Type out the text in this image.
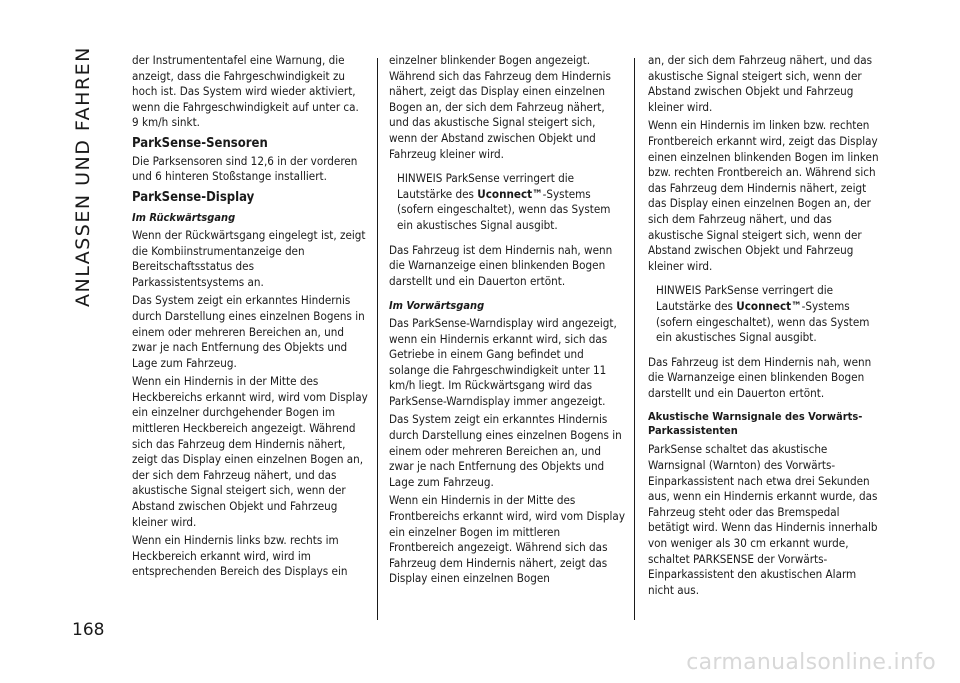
ANLASSEN UND FAHREN
168

der Instrumententafel eine Warnung, die anzeigt, dass die Fahrgeschwindigkeit zu hoch ist. Das System wird wieder aktiviert, wenn die Fahrgeschwindigkeit auf unter ca. 9 km/h sinkt.

ParkSense-Sensoren

Die Parksensoren sind 12,6 in der vorderen und 6 hinteren Stoßstange installiert.

ParkSense-Display
Im Rückwärtsgang

Wenn der Rückwärtsgang eingelegt ist, zeigt die Kombiinstrumentanzeige den Bereitschaftsstatus des Parkassistentsystems an.

Das System zeigt ein erkanntes Hindernis durch Darstellung eines einzelnen Bogens in einem oder mehreren Bereichen an, und zwar je nach Entfernung des Objekts und Lage zum Fahrzeug.

Wenn ein Hindernis in der Mitte des Heckbereichs erkannt wird, wird vom Display ein einzelner durchgehender Bogen im mittleren Heckbereich angezeigt. Während sich das Fahrzeug dem Hindernis nähert, zeigt das Display einen einzelnen Bogen an, der sich dem Fahrzeug nähert, und das akustische Signal steigert sich, wenn der Abstand zwischen Objekt und Fahrzeug kleiner wird.

Wenn ein Hindernis links bzw. rechts im Heckbereich erkannt wird, wird im entsprechenden Bereich des Displays ein

einzelner blinkender Bogen angezeigt. Während sich das Fahrzeug dem Hindernis nähert, zeigt das Display einen einzelnen Bogen an, der sich dem Fahrzeug nähert, und das akustische Signal steigert sich, wenn der Abstand zwischen Objekt und Fahrzeug kleiner wird.

HINWEIS ParkSense verringert die Lautstärke des Uconnect™-Systems (sofern eingeschaltet), wenn das System ein akustisches Signal ausgibt.

Das Fahrzeug ist dem Hindernis nah, wenn die Warnanzeige einen blinkenden Bogen darstellt und ein Dauerton ertönt.

Im Vorwärtsgang

Das ParkSense-Warndisplay wird angezeigt, wenn ein Hindernis erkannt wird, sich das Getriebe in einem Gang befindet und solange die Fahrgeschwindigkeit unter 11 km/h liegt. Im Rückwärtsgang wird das ParkSense-Warndisplay immer angezeigt.

Das System zeigt ein erkanntes Hindernis durch Darstellung eines einzelnen Bogens in einem oder mehreren Bereichen an, und zwar je nach Entfernung des Objekts und Lage zum Fahrzeug.

Wenn ein Hindernis in der Mitte des Frontbereichs erkannt wird, wird vom Display ein einzelner Bogen im mittleren Frontbereich angezeigt. Während sich das Fahrzeug dem Hindernis nähert, zeigt das Display einen einzelnen Bogen

an, der sich dem Fahrzeug nähert, und das akustische Signal steigert sich, wenn der Abstand zwischen Objekt und Fahrzeug kleiner wird.

Wenn ein Hindernis im linken bzw. rechten Frontbereich erkannt wird, zeigt das Display einen einzelnen blinkenden Bogen im linken bzw. rechten Frontbereich an. Während sich das Fahrzeug dem Hindernis nähert, zeigt das Display einen einzelnen Bogen an, der sich dem Fahrzeug nähert, und das akustische Signal steigert sich, wenn der Abstand zwischen Objekt und Fahrzeug kleiner wird.

HINWEIS ParkSense verringert die Lautstärke des Uconnect™-Systems (sofern eingeschaltet), wenn das System ein akustisches Signal ausgibt.

Das Fahrzeug ist dem Hindernis nah, wenn die Warnanzeige einen blinkenden Bogen darstellt und ein Dauerton ertönt.

Akustische Warnsignale des Vorwärts-Parkassistenten

ParkSense schaltet das akustische Warnsignal (Warnton) des Vorwärts-Einparkassistent nach etwa drei Sekunden aus, wenn ein Hindernis erkannt wurde, das Fahrzeug steht oder das Bremspedal betätigt wird. Wenn das Hindernis innerhalb von weniger als 30 cm erkannt wurde, schaltet PARKSENSE der Vorwärts-Einparkassistent den akustischen Alarm nicht aus.

carmanualsonline.info
